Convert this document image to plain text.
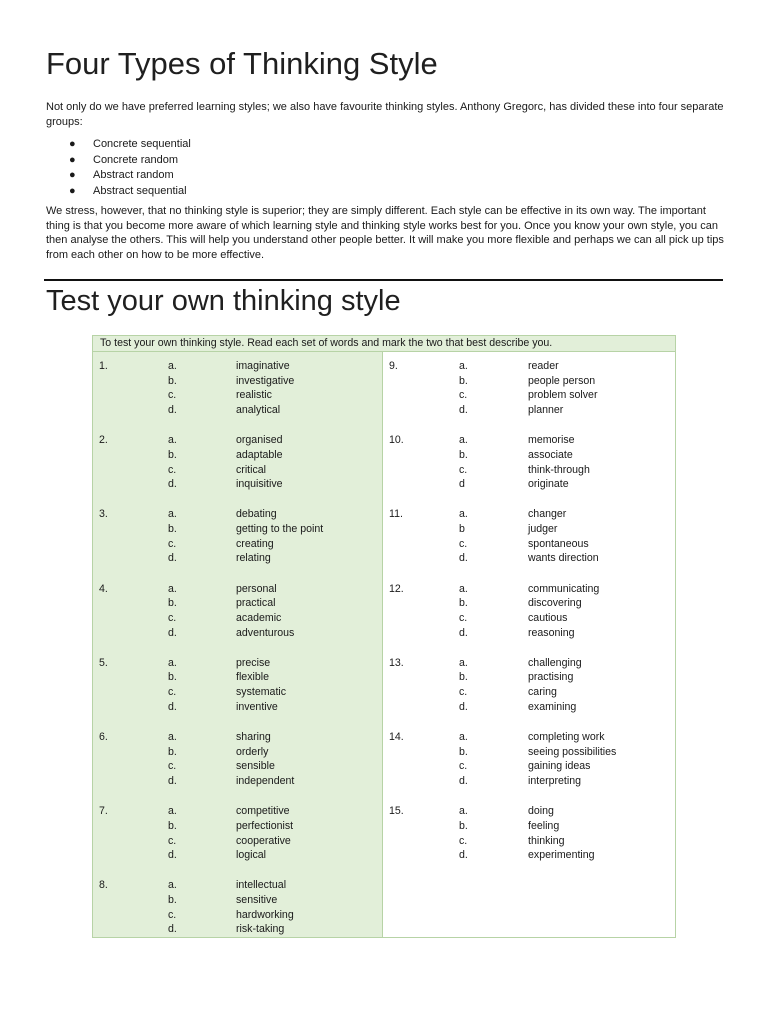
Four Types of Thinking Style

Not only do we have preferred learning styles; we also have favourite thinking styles. Anthony Gregorc, has divided these into four separate groups:

● Concrete sequential
● Concrete random
● Abstract random
● Abstract sequential

We stress, however, that no thinking style is superior; they are simply different. Each style can be effective in its own way. The important thing is that you become more aware of which learning style and thinking style works best for you. Once you know your own style, you can then analyse the others. This will help you understand other people better. It will make you more flexible and perhaps we can all pick up tips from each other on how to be more effective.

Test your own thinking style
To test your own thinking style. Read each set of words and mark the two that best describe you.
1.	a.	imaginative
b.	investigative
c.	realistic
d.	analytical
2.	a.	organised
b.	adaptable
c.	critical
d.	inquisitive
3.	a.	debating
b.	getting to the point
c.	creating
d.	relating
4.	a.	personal
b.	practical
c.	academic
d.	adventurous
5.	a.	precise
b.	flexible
c.	systematic
d.	inventive
6.	a.	sharing
b.	orderly
c.	sensible
d.	independent
7.	a.	competitive
b.	perfectionist
c.	cooperative
d.	logical
8.	a.	intellectual
b.	sensitive
c.	hardworking
d.	risk-taking
9.	a.	reader
b.	people person
c.	problem solver
d.	planner
10.	a.	memorise
b.	associate
c.	think-through
d	originate
11.	a.	changer
b	judger
c.	spontaneous
d.	wants direction
12.	a.	communicating
b.	discovering
c.	cautious
d.	reasoning
13.	a.	challenging
b.	practising
c.	caring
d.	examining
14.	a.	completing work
b.	seeing possibilities
c.	gaining ideas
d.	interpreting
15.	a.	doing
b.	feeling
c.	thinking
d.	experimenting
